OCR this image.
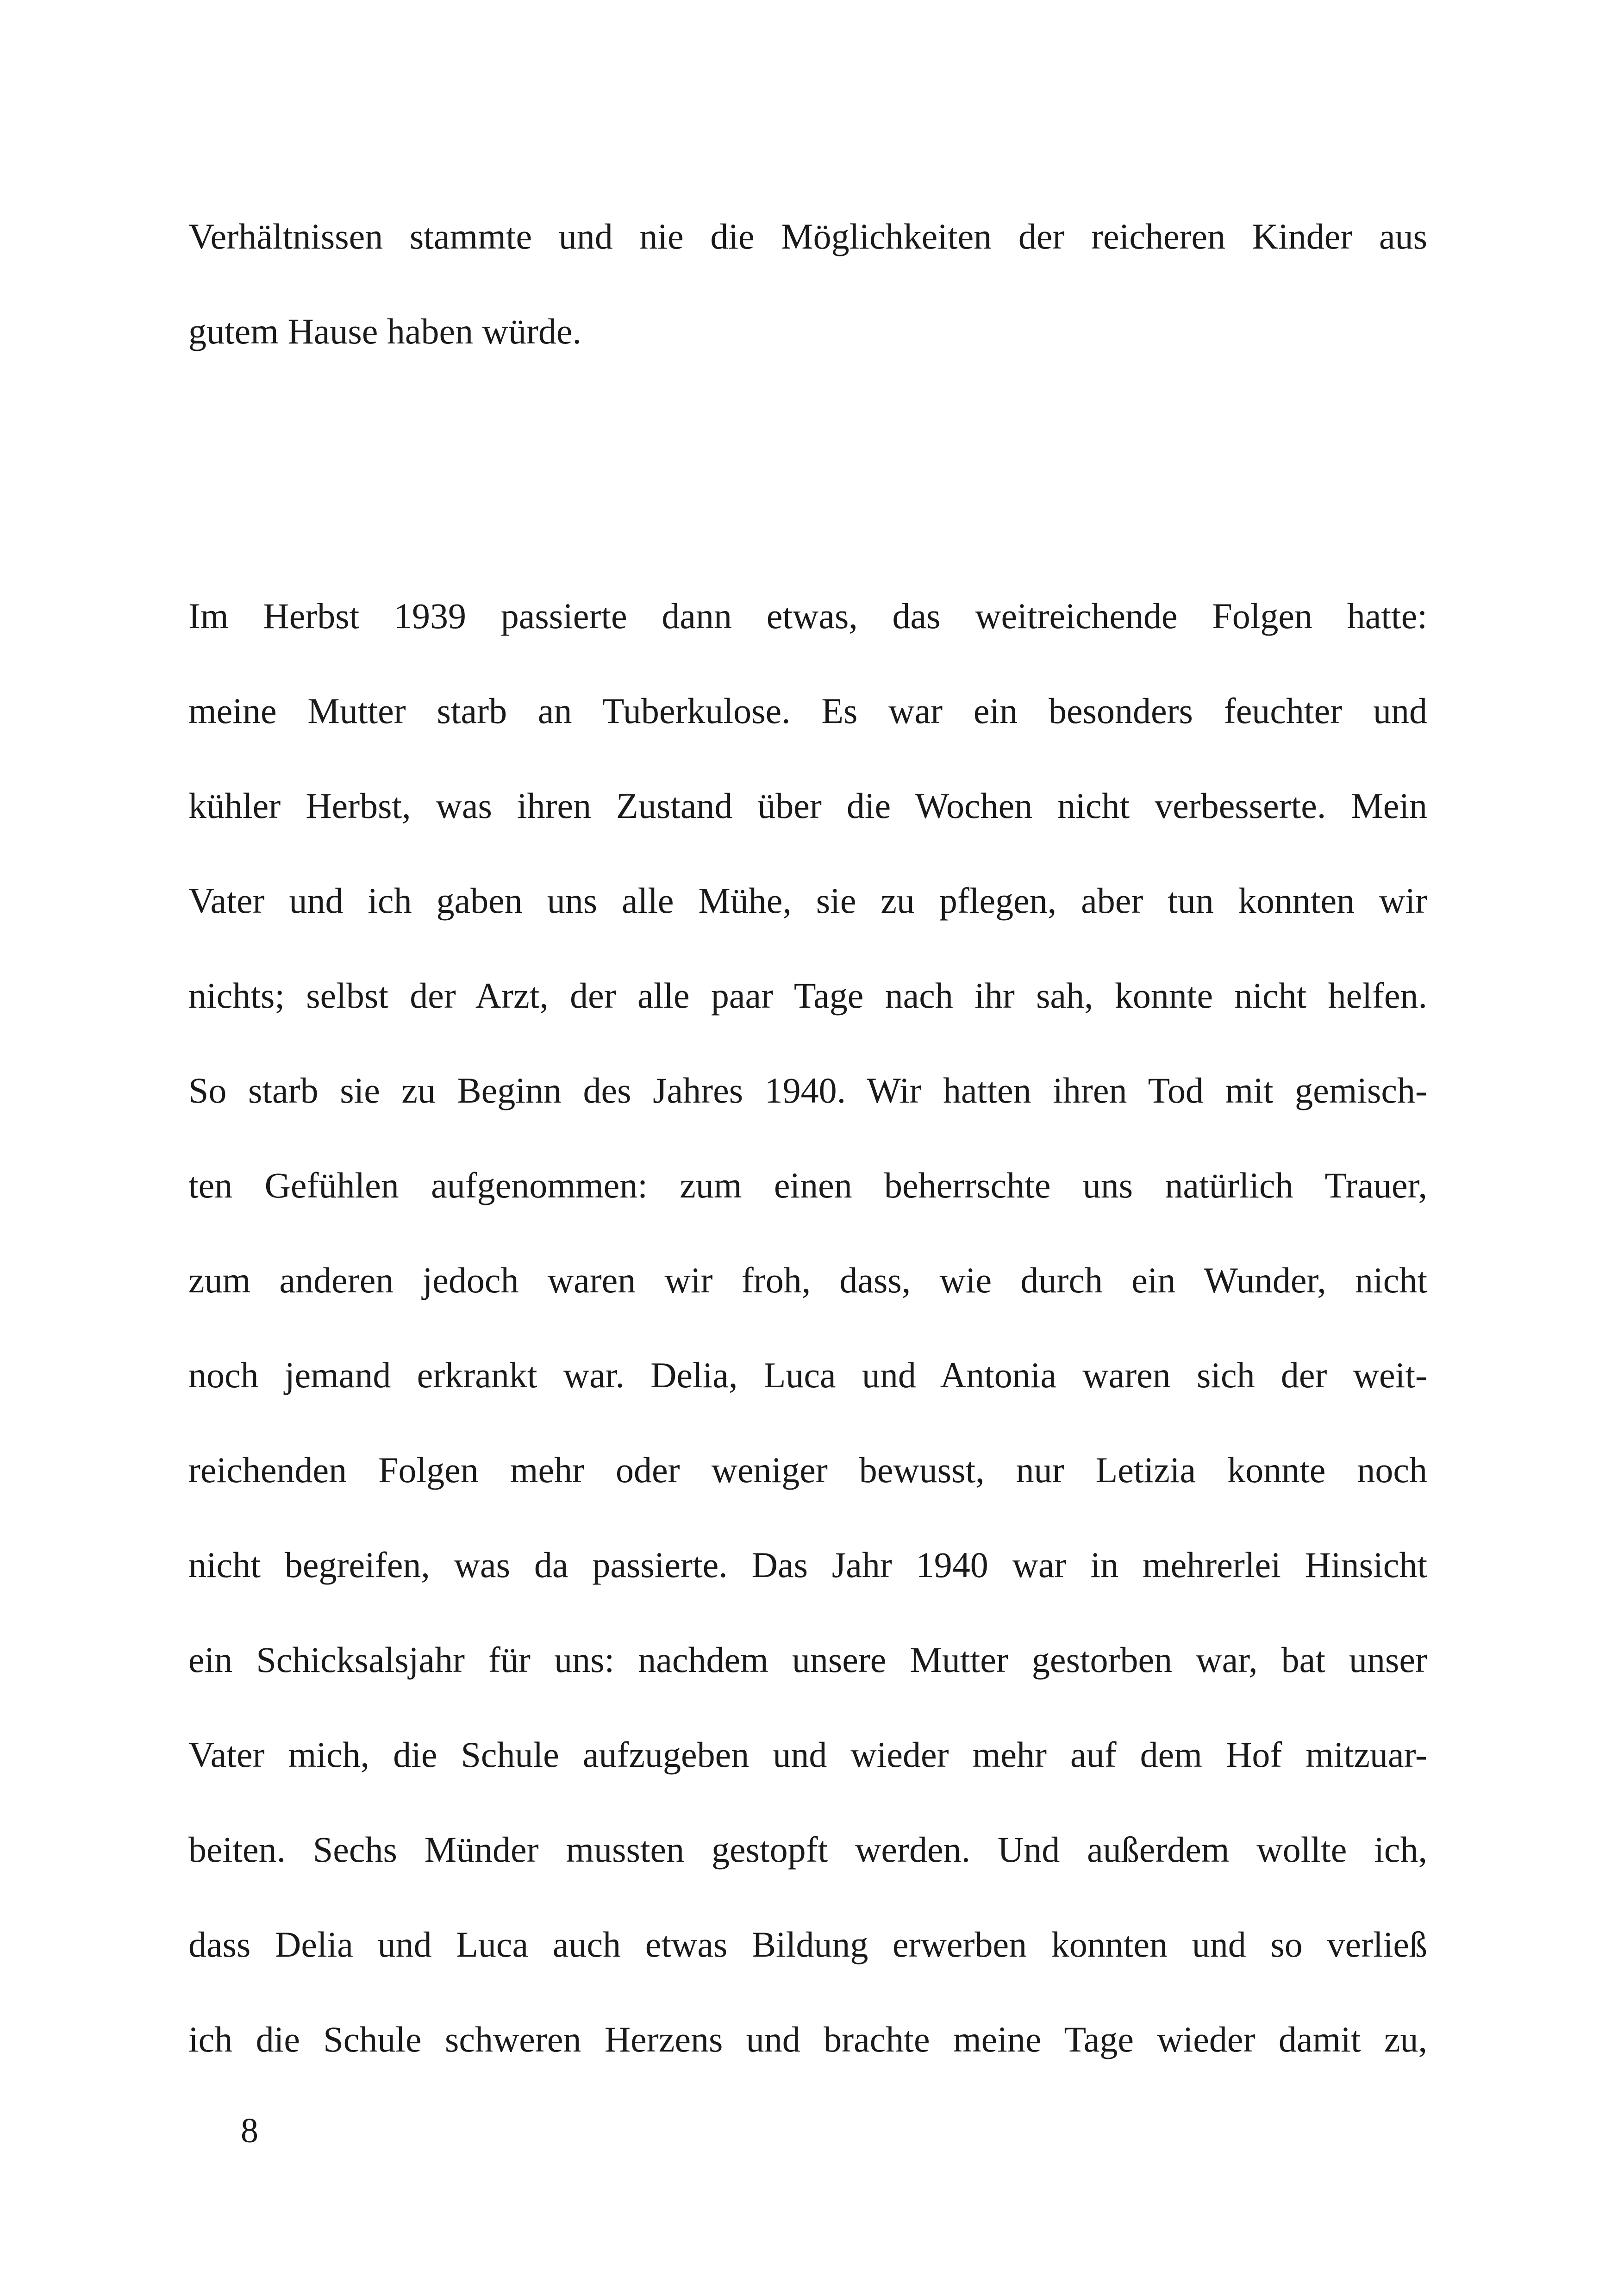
Verhältnissen stammte und nie die Möglichkeiten der reicheren Kinder aus
gutem Hause haben würde.
Im Herbst 1939 passierte dann etwas, das weitreichende Folgen hatte:
meine Mutter starb an Tuberkulose. Es war ein besonders feuchter und
kühler Herbst, was ihren Zustand über die Wochen nicht verbesserte. Mein
Vater und ich gaben uns alle Mühe, sie zu pflegen, aber tun konnten wir
nichts; selbst der Arzt, der alle paar Tage nach ihr sah, konnte nicht helfen.
So starb sie zu Beginn des Jahres 1940. Wir hatten ihren Tod mit gemisch-
ten Gefühlen aufgenommen: zum einen beherrschte uns natürlich Trauer,
zum anderen jedoch waren wir froh, dass, wie durch ein Wunder, nicht
noch jemand erkrankt war. Delia, Luca und Antonia waren sich der weit-
reichenden Folgen mehr oder weniger bewusst, nur Letizia konnte noch
nicht begreifen, was da passierte. Das Jahr 1940 war in mehrerlei Hinsicht
ein Schicksalsjahr für uns: nachdem unsere Mutter gestorben war, bat unser
Vater mich, die Schule aufzugeben und wieder mehr auf dem Hof mitzuar-
beiten. Sechs Münder mussten gestopft werden. Und außerdem wollte ich,
dass Delia und Luca auch etwas Bildung erwerben konnten und so verließ
ich die Schule schweren Herzens und brachte meine Tage wieder damit zu,
8
